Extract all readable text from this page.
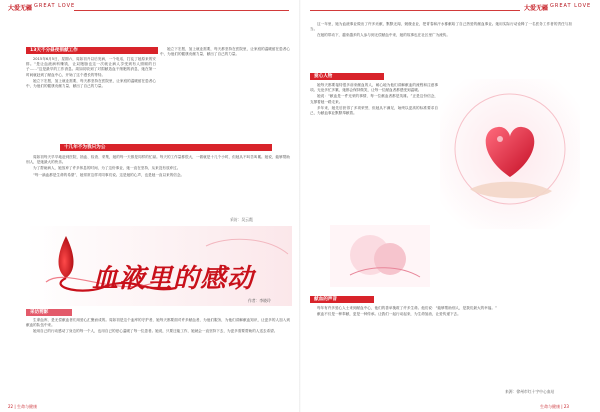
大爱无疆 GREAT LOVE	大爱无疆 GREAT LOVE
13天不分昼夜捐献工作

2015年6月5日，星期六，周如初升以后发病，一个电话，打乱了她原来的安排。“是让血液病科赚钱，让双胞胎也这一次就让病人享受到有人照顾的日子……”这是最早的工作消息。周如初收到了对捐献造血干细胞的消息，她在第一时间就赶到了献血中心，开始了这个漫长的等待。

她立下宏愿，加上就业需要，每天都坚持在医院里，让家庭的温暖留在患者心中，为他们的健康贡献力量，献出了自己的力量。

她立下宏愿，加上就业需要，每天都坚持在医院里，让家庭的温暖留在患者心中，为他们的健康贡献力量，献出了自己的力量。

十几年不为我只为公

周如初每天早早地赶到医院，抽血、检查、采集，她的每一天都是同样的忙碌。每天的工作量都很大，一做就是十几个小时，但她从不叫苦叫累。她说，能够帮助别人，是她最大的快乐。

为了帮助病人，她放弃了许多休息的时间，为了这份事业，她一直在坚持，从来没有放弃过。

“每一滴血都是生命的希望”，她常常这样对同事们说。这是她的心声，也是她一直以来的信念。

采访：吴云霞
血液里的感动
作者：李晓玲
采访剪影

生命血库，是无偿献血者们用爱心汇聚而成的。周如初是这个血库的守护者，她每天都要面对许多献血者，为他们服务，为他们讲解献血知识，让更多的人加入到献血的队伍中来。

她用自己的行动感动了身边的每一个人，也用自己的爱心温暖了每一位患者。她说，只要还能工作，她就会一直坚持下去，为更多需要帮助的人送去希望。

22 | 生命与健康

这一年里，她为血液事业做出了许多贡献，默默无闻，兢兢业业，把青春和汗水都献给了自己热爱的献血事业。她用实际行动诠释了一名医务工作者的责任与担当。

在她的带动下，越来越多的人参与到无偿献血中来，她的故事也在社区里广为流传。

爱心人物

她每天都要接待很多前来献血的人，耐心地为他们讲解献血的流程和注意事项。无论多忙多累，她都会保持微笑，让每一位献血者都感受到温暖。

她说：“献血是一件光荣的事情，每一位献血者都是英雄。”正是这份信念，支撑着她一路走来。

多年来，她先后获得了多项荣誉，但她从不满足，始终以更高的标准要求自己，为献血事业默默奉献着。

献血的声音

每年有许多爱心人士来到献血中心，他们的善举挽救了许多生命。他们说：“能够帮助别人，是我们最大的幸福。”

献血不仅是一种奉献，更是一种传承。让我们一起行动起来，为生命加油，让爱传递下去。

来源：徐州市红十字中心血站
生命与健康 | 23
